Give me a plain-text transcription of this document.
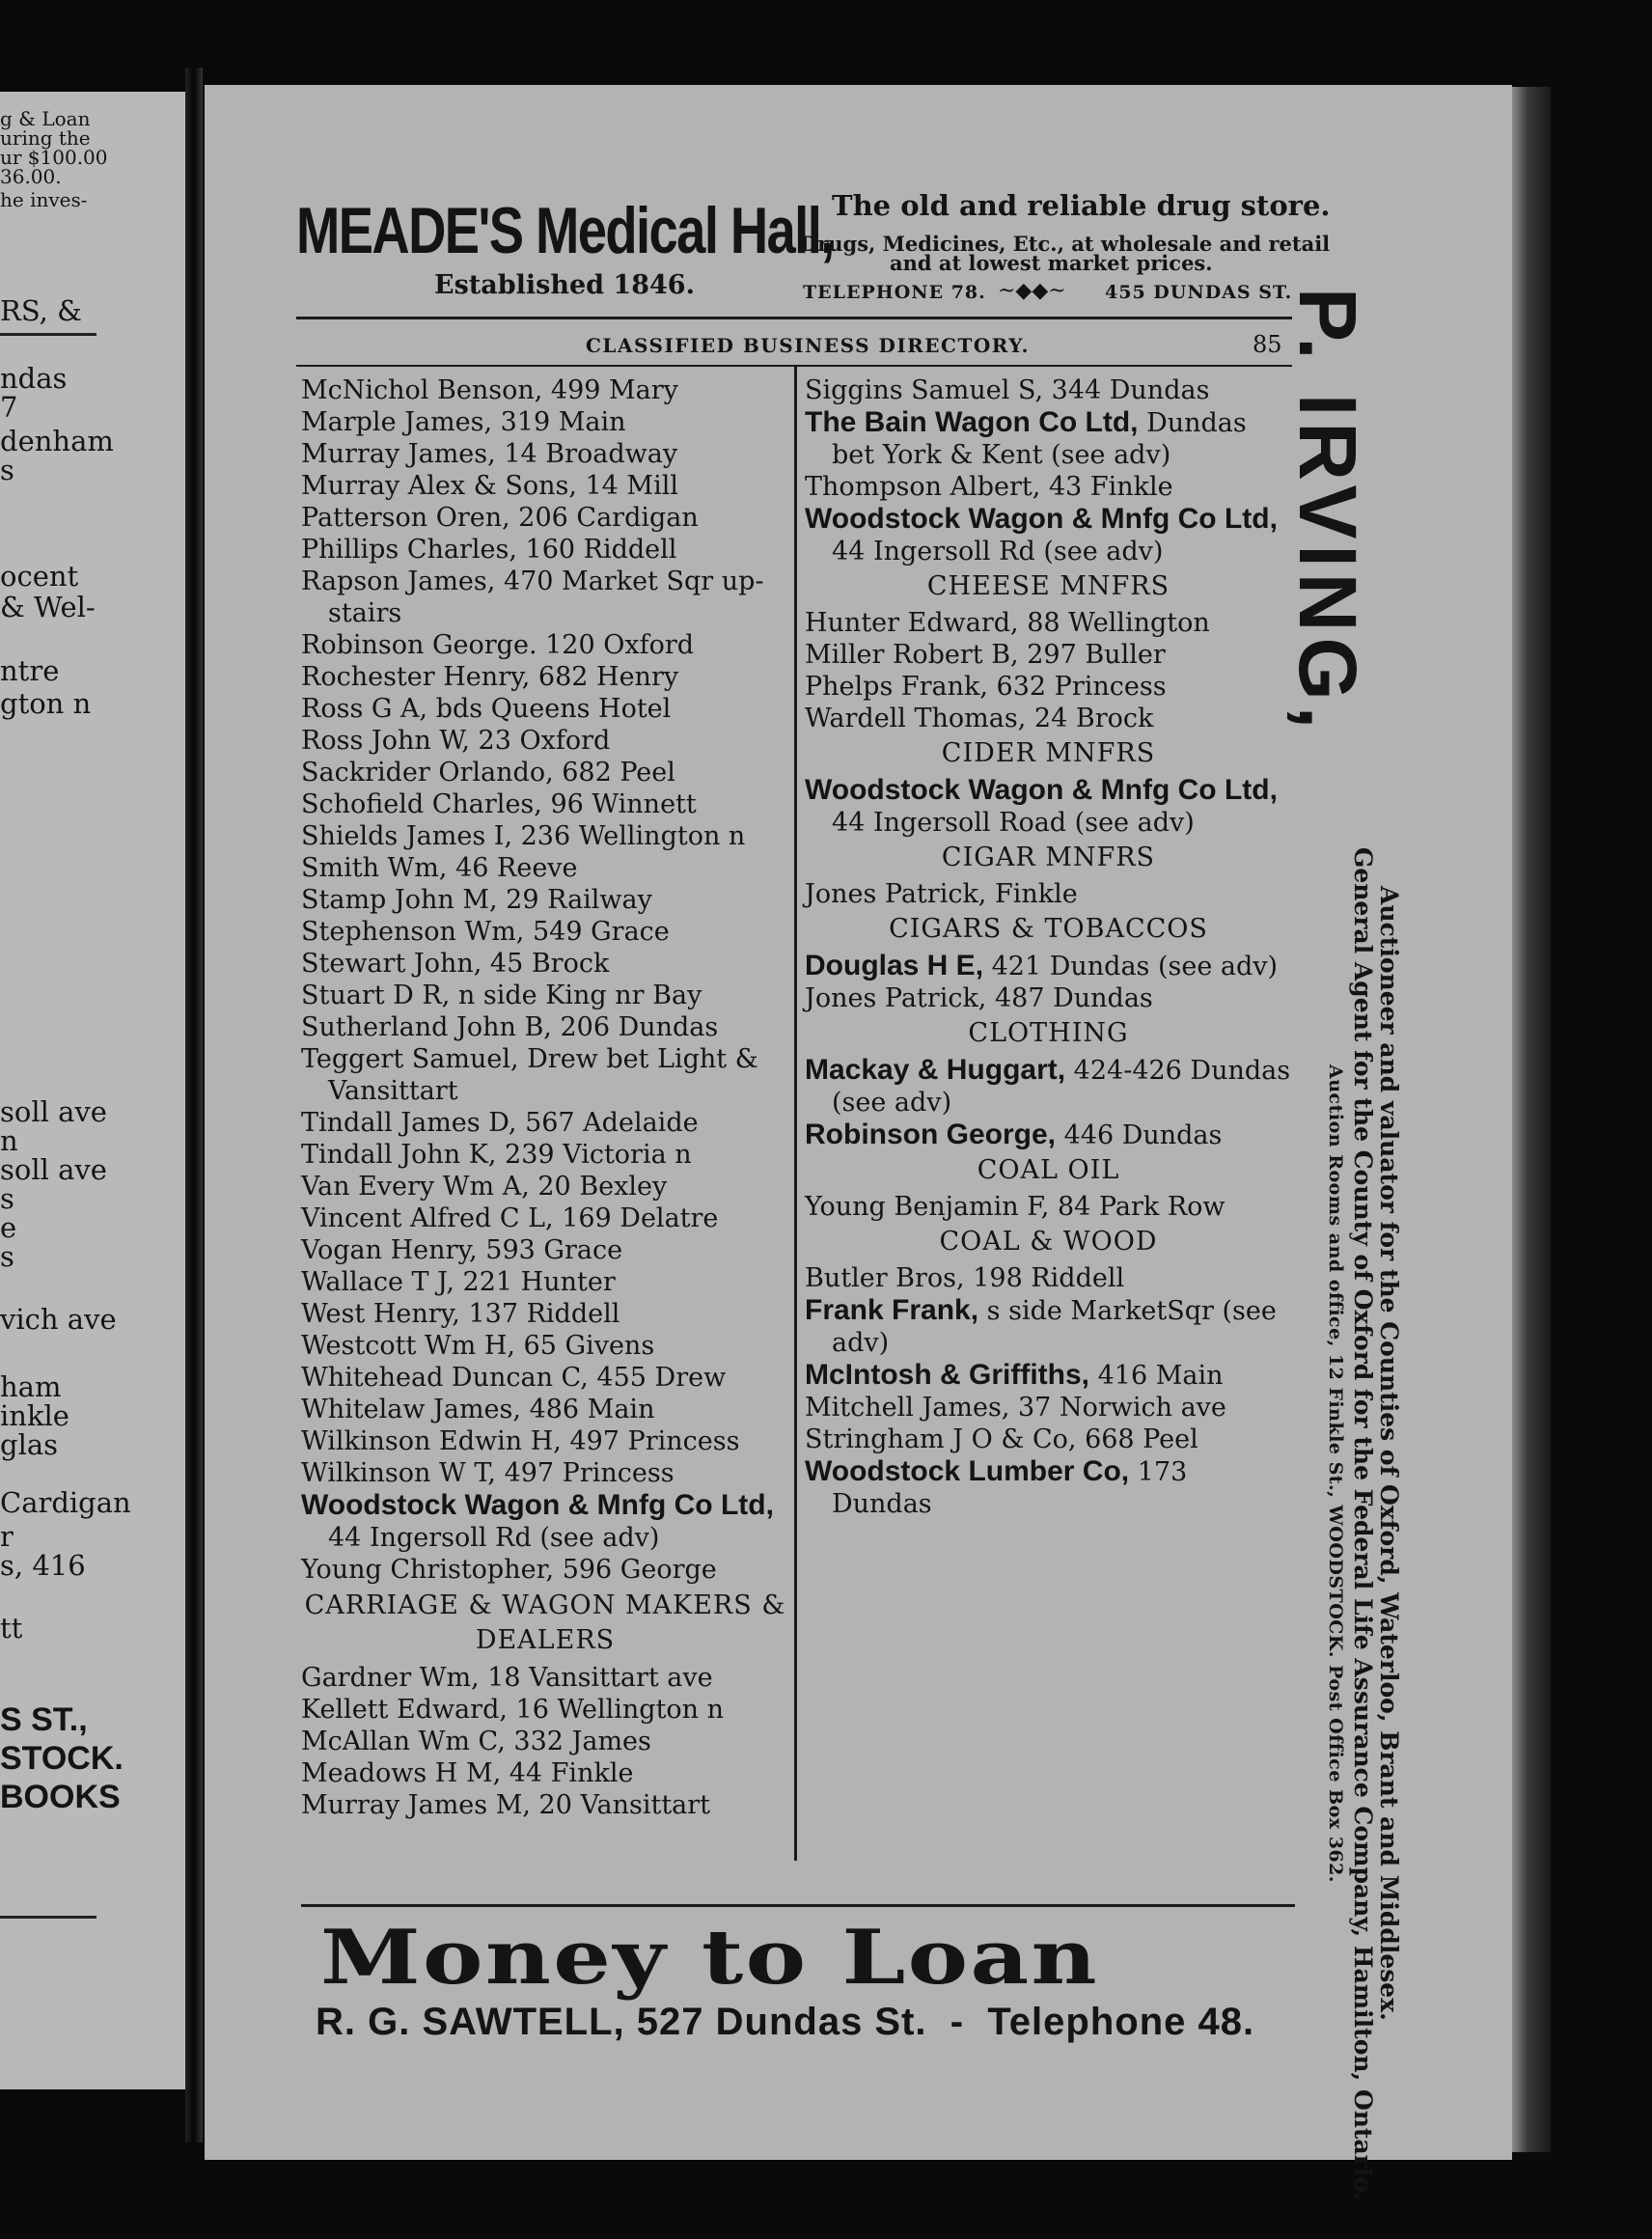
g & Loan
uring the
ur $100.00
36.00.
he inves-
RS, &
ndas
7
denham
s
ocent
& Wel-
ntre
gton n
soll ave
n
soll ave
s
e
s
vich ave
ham
inkle
glas
Cardigan
r
s, 416
tt
S ST.,
STOCK.
BOOKS
MEADE'S Medical Hall,
Established 1846.
The old and reliable drug store.
Drugs, Medicines, Etc., at wholesale and retail
and at lowest market prices.
TELEPHONE 78. ~◆◆~ 455 DUNDAS ST.
CLASSIFIED BUSINESS DIRECTORY.	85
McNichol Benson, 499 Mary
Marple James, 319 Main
Murray James, 14 Broadway
Murray Alex & Sons, 14 Mill
Patterson Oren, 206 Cardigan
Phillips Charles, 160 Riddell
Rapson James, 470 Market Sqr up-stairs
Robinson George. 120 Oxford
Rochester Henry, 682 Henry
Ross G A, bds Queens Hotel
Ross John W, 23 Oxford
Sackrider Orlando, 682 Peel
Schofield Charles, 96 Winnett
Shields James I, 236 Wellington n
Smith Wm, 46 Reeve
Stamp John M, 29 Railway
Stephenson Wm, 549 Grace
Stewart John, 45 Brock
Stuart D R, n side King nr Bay
Sutherland John B, 206 Dundas
Teggert Samuel, Drew bet Light & Vansittart
Tindall James D, 567 Adelaide
Tindall John K, 239 Victoria n
Van Every Wm A, 20 Bexley
Vincent Alfred C L, 169 Delatre
Vogan Henry, 593 Grace
Wallace T J, 221 Hunter
West Henry, 137 Riddell
Westcott Wm H, 65 Givens
Whitehead Duncan C, 455 Drew
Whitelaw James, 486 Main
Wilkinson Edwin H, 497 Princess
Wilkinson W T, 497 Princess
Woodstock Wagon & Mnfg Co Ltd, 44 Ingersoll Rd (see adv)
Young Christopher, 596 George
CARRIAGE & WAGON MAKERS & DEALERS
Gardner Wm, 18 Vansittart ave
Kellett Edward, 16 Wellington n
McAllan Wm C, 332 James
Meadows H M, 44 Finkle
Murray James M, 20 Vansittart
Siggins Samuel S, 344 Dundas
The Bain Wagon Co Ltd, Dundas bet York & Kent (see adv)
Thompson Albert, 43 Finkle
Woodstock Wagon & Mnfg Co Ltd, 44 Ingersoll Rd (see adv)
CHEESE MNFRS
Hunter Edward, 88 Wellington
Miller Robert B, 297 Buller
Phelps Frank, 632 Princess
Wardell Thomas, 24 Brock
CIDER MNFRS
Woodstock Wagon & Mnfg Co Ltd, 44 Ingersoll Road (see adv)
CIGAR MNFRS
Jones Patrick, Finkle
CIGARS & TOBACCOS
Douglas H E, 421 Dundas (see adv)
Jones Patrick, 487 Dundas
CLOTHING
Mackay & Huggart, 424-426 Dundas (see adv)
Robinson George, 446 Dundas
COAL OIL
Young Benjamin F, 84 Park Row
COAL & WOOD
Butler Bros, 198 Riddell
Frank Frank, s side MarketSqr (see adv)
McIntosh & Griffiths, 416 Main
Mitchell James, 37 Norwich ave
Stringham J O & Co, 668 Peel
Woodstock Lumber Co, 173 Dundas
Money to Loan
R. G. SAWTELL, 527 Dundas St.  -  Telephone 48.
P. IRVING,
Auctioneer and valuator for the Counties of Oxford, Waterloo, Brant and Middlesex.
General Agent for the County of Oxford for the Federal Life Assurance Company, Hamilton, Ontario.
Auction Rooms and office, 12 Finkle St., WOODSTOCK. Post Office Box 362.
